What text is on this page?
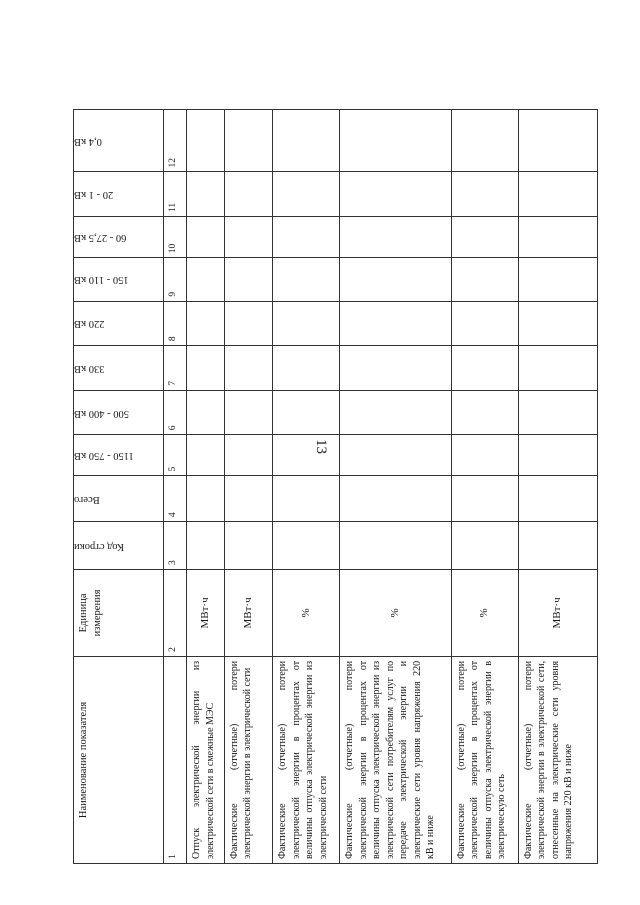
13
Наименование показателя	Единица измерения	Код строки	Всего	1150 - 750 кВ	500 - 400 кВ	330 кВ	220 кВ	150 - 110 кВ	60 - 27,5 кВ	20 - 1 кВ	0,4 кВ

1	2	3	4	5	6	7	8	9	10	11	12
Отпуск электрической энергии из электрической сети в смежные МЭС	МВт·ч										
Фактические (отчетные) потери электрической энергии в электрической сети	МВт·ч										
Фактические (отчетные) потери электрической энергии в процентах от величины отпуска электрической энергии из электрической сети	%										
Фактические (отчетные) потери электрической энергии в процентах от величины отпуска электрической энергии из электрической сети потребителям услуг по передаче электрической энергии и электрические сети уровня напряжения 220 кВ и ниже	%										
Фактические (отчетные) потери электрической энергии в процентах от величины отпуска электрической энергии в электрическую сеть	%										
Фактические (отчетные) потери электрической энергии в электрической сети, отнесенные на электрические сети уровня напряжения 220 кВ и ниже	МВт·ч										
